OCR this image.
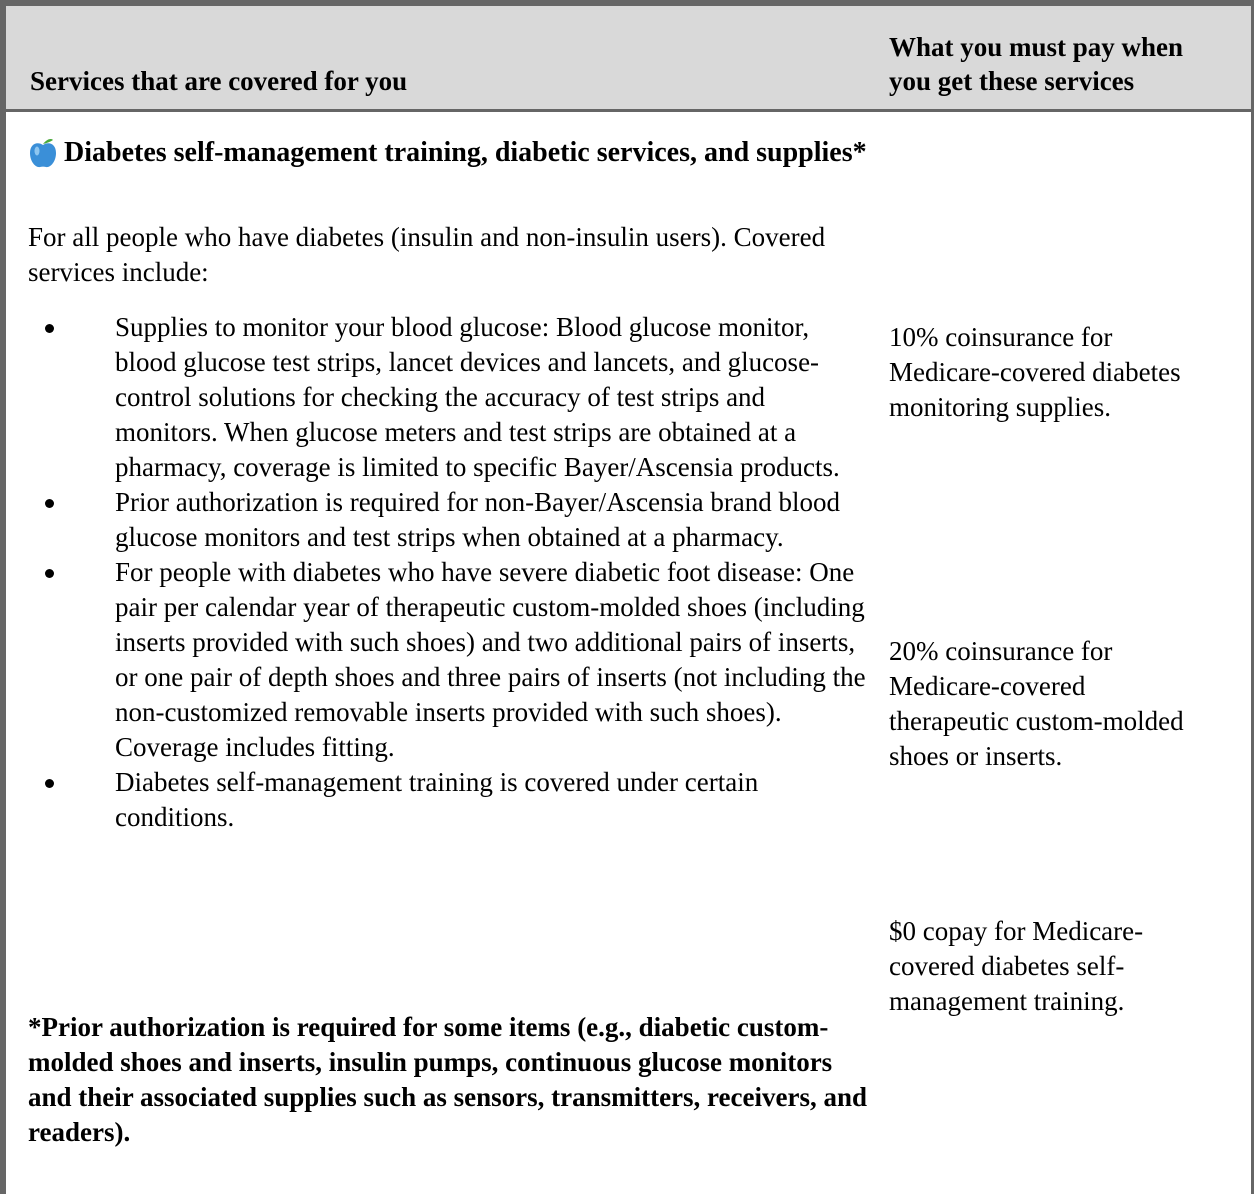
Services that are covered for you
What you must pay when
you get these services
Diabetes self-management training, diabetic services, and supplies*
For all people who have diabetes (insulin and non-insulin users). Covered services include:
Supplies to monitor your blood glucose: Blood glucose monitor, blood glucose test strips, lancet devices and lancets, and glucose-control solutions for checking the accuracy of test strips and monitors. When glucose meters and test strips are obtained at a pharmacy, coverage is limited to specific Bayer/Ascensia products.
Prior authorization is required for non-Bayer/Ascensia brand blood glucose monitors and test strips when obtained at a pharmacy.
For people with diabetes who have severe diabetic foot disease: One pair per calendar year of therapeutic custom-molded shoes (including inserts provided with such shoes) and two additional pairs of inserts, or one pair of depth shoes and three pairs of inserts (not including the non-customized removable inserts provided with such shoes). Coverage includes fitting.
Diabetes self-management training is covered under certain conditions.
*Prior authorization is required for some items (e.g., diabetic custom-molded shoes and inserts, insulin pumps, continuous glucose monitors and their associated supplies such as sensors, transmitters, receivers, and readers).
10% coinsurance for
Medicare-covered diabetes
monitoring supplies.
20% coinsurance for
Medicare-covered
therapeutic custom-molded
shoes or inserts.
$0 copay for Medicare-
covered diabetes self-
management training.
